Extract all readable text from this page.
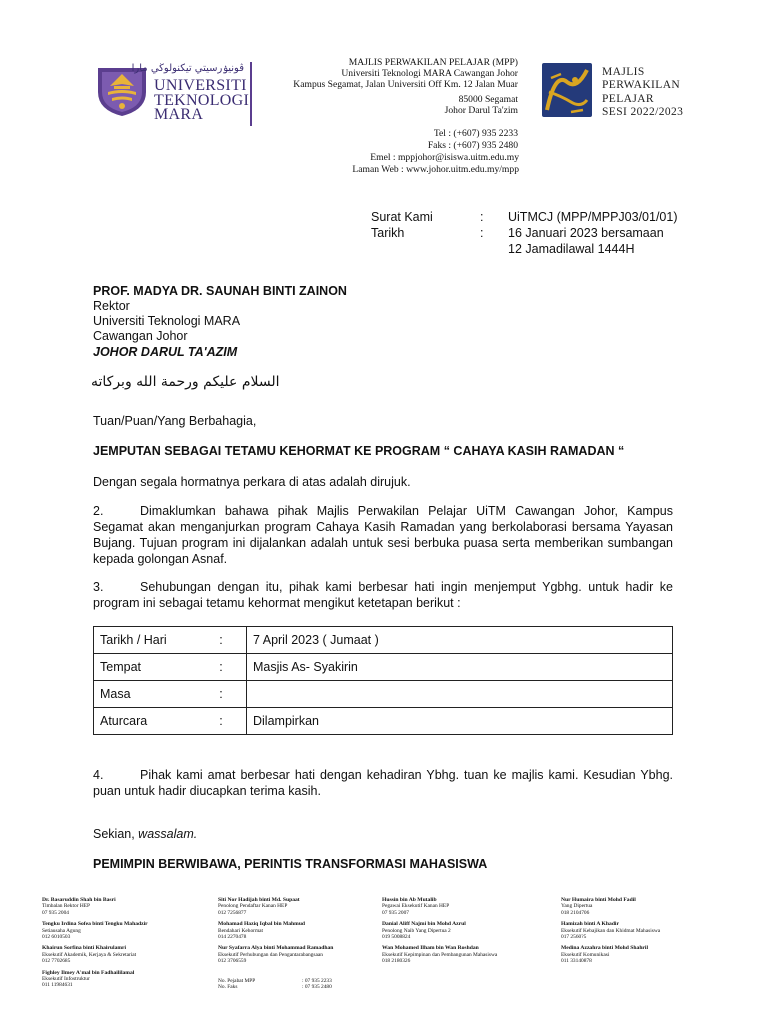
ڤونيۏرسيتي تيكنولوڬي مارا
UNIVERSITI
TEKNOLOGI
MARA
MAJLIS PERWAKILAN PELAJAR (MPP)
Universiti Teknologi MARA Cawangan Johor
Kampus Segamat, Jalan Universiti Off Km. 12 Jalan Muar
85000 Segamat
Johor Darul Ta'zim
Tel : (+607) 935 2233
Faks : (+607) 935 2480
Emel : mppjohor@isiswa.uitm.edu.my
Laman Web : www.johor.uitm.edu.my/mpp
MAJLIS
PERWAKILAN
PELAJAR
SESI 2022/2023
Surat Kami	: UiTMCJ (MPP/MPPJ03/01/01)
Tarikh	: 16 Januari 2023 bersamaan
12 Jamadilawal 1444H
PROF. MADYA DR. SAUNAH BINTI ZAINON
Rektor
Universiti Teknologi MARA
Cawangan Johor
JOHOR DARUL TA'AZIM
السلام عليكم ورحمة الله وبركاته
Tuan/Puan/Yang Berbahagia,
JEMPUTAN SEBAGAI TETAMU KEHORMAT KE PROGRAM “ CAHAYA KASIH RAMADAN “
Dengan segala hormatnya perkara di atas adalah dirujuk.
2.	Dimaklumkan bahawa pihak Majlis Perwakilan Pelajar UiTM Cawangan Johor, Kampus Segamat akan menganjurkan program Cahaya Kasih Ramadan yang berkolaborasi bersama Yayasan Bujang. Tujuan program ini dijalankan adalah untuk sesi berbuka puasa serta memberikan sumbangan kepada golongan Asnaf.
3.	Sehubungan dengan itu, pihak kami berbesar hati ingin menjemput Ygbhg. untuk hadir ke program ini sebagai tetamu kehormat mengikut ketetapan berikut :
Tarikh / Hari	:	7 April 2023 ( Jumaat )
Tempat	:	Masjis As- Syakirin
Masa	:	
Aturcara	:	Dilampirkan
4.	Pihak kami amat berbesar hati dengan kehadiran Ybhg. tuan ke majlis kami. Kesudian Ybhg. puan untuk hadir diucapkan terima kasih.
Sekian, wassalam.
PEMIMPIN BERWIBAWA, PERINTIS TRANSFORMASI MAHASISWA
Dr. Basaruddin Shah bin Basri
Timbalan Rektor HEP
07 935 2004
Tengku Irdina Sofea binti Tengku Mahadzir
Setiausaha Agung
012 6010503
Khairun Sorfina binti Khairulamri
Eksekutif Akademik, Kerjaya & Sekretariat
012 7702685
Fighley Ilmey A'mal bin Fadhaililamal
Eksekutif Infostruktur
011 11984631
Siti Nor Hadijah binti Md. Supaat
Penolong Pendaftar Kanan HEP
012 7256877
Mohamad Haziq Iqbal bin Mahmud
Bendahari Kehormat
014 2270478
Nur Syafarra Alya binti Mohammad Ramadhan
Eksekutif Perhubungan dan Pengantarabangsaan
012 3706559
No. Pejabat MPP	: 07 935 2233
No. Faks	: 07 935 2480
Hussin bin Ab Mutalib
Pegawai Eksekutif Kanan HEP
07 935 2007
Danial Aliff Najmi bin Mohd Azrul
Penolong Naib Yang Dipertua 2
019 5008824
Wan Mohamed Ilham bin Wan Roshdan
Eksekutif Kepimpinan dan Pembangunan Mahasiswa
018 2180326
Nur Humaira binti Mohd Fadil
Yang Dipertua
018 2104706
Hamizah binti A Khadir
Eksekutif Kebajikan dan Khidmat Mahasiswa
017 2560?5
Medina Azzahra binti Mohd Shahril
Eksekutif Komunikasi
011 33140878
